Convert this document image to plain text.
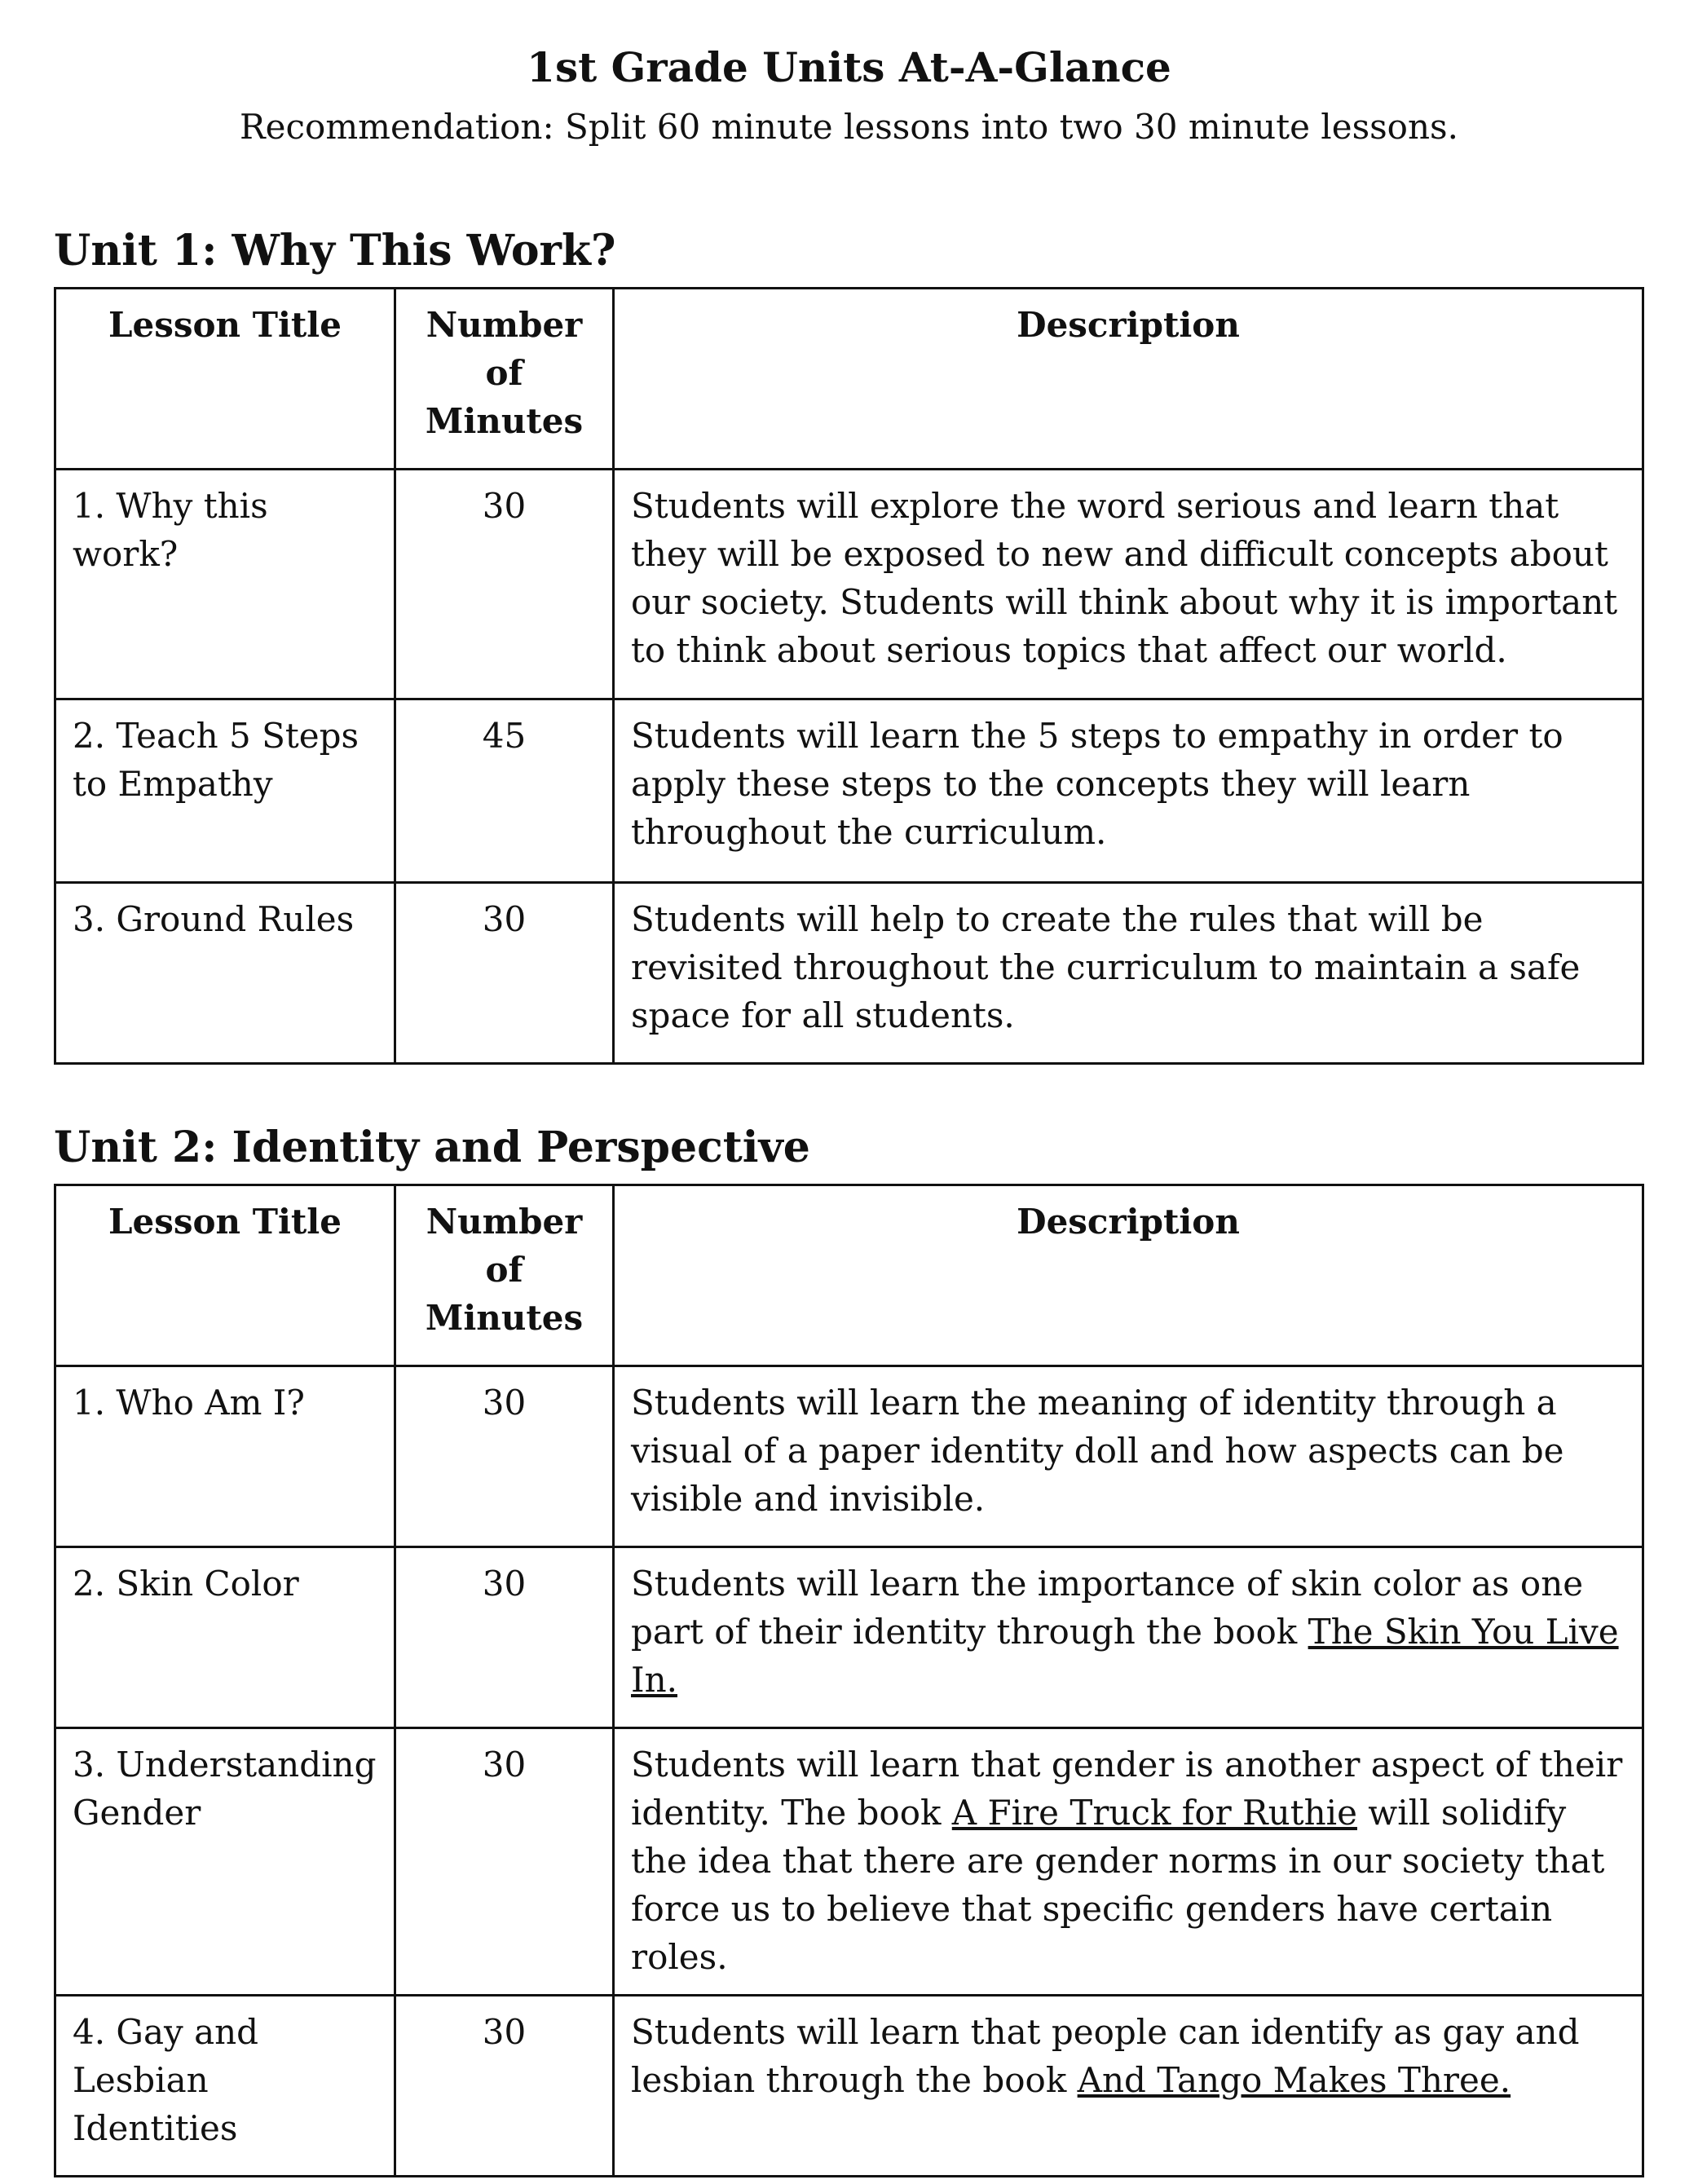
1st Grade Units At-A-Glance

Recommendation: Split 60 minute lessons into two 30 minute lessons.

Unit 1: Why This Work?
Lesson Title	Number of Minutes	Description
1. Why this work?	30	Students will explore the word serious and learn that they will be exposed to new and difficult concepts about our society. Students will think about why it is important to think about serious topics that affect our world.
2. Teach 5 Steps to Empathy	45	Students will learn the 5 steps to empathy in order to apply these steps to the concepts they will learn throughout the curriculum.
3. Ground Rules	30	Students will help to create the rules that will be revisited throughout the curriculum to maintain a safe space for all students.
Unit 2: Identity and Perspective
Lesson Title	Number of Minutes	Description
1. Who Am I?	30	Students will learn the meaning of identity through a visual of a paper identity doll and how aspects can be visible and invisible.
2. Skin Color	30	Students will learn the importance of skin color as one part of their identity through the book The Skin You Live In.
3. Understanding Gender	30	Students will learn that gender is another aspect of their identity. The book A Fire Truck for Ruthie will solidify the idea that there are gender norms in our society that force us to believe that specific genders have certain roles.
4. Gay and Lesbian Identities	30	Students will learn that people can identify as gay and lesbian through the book And Tango Makes Three.
